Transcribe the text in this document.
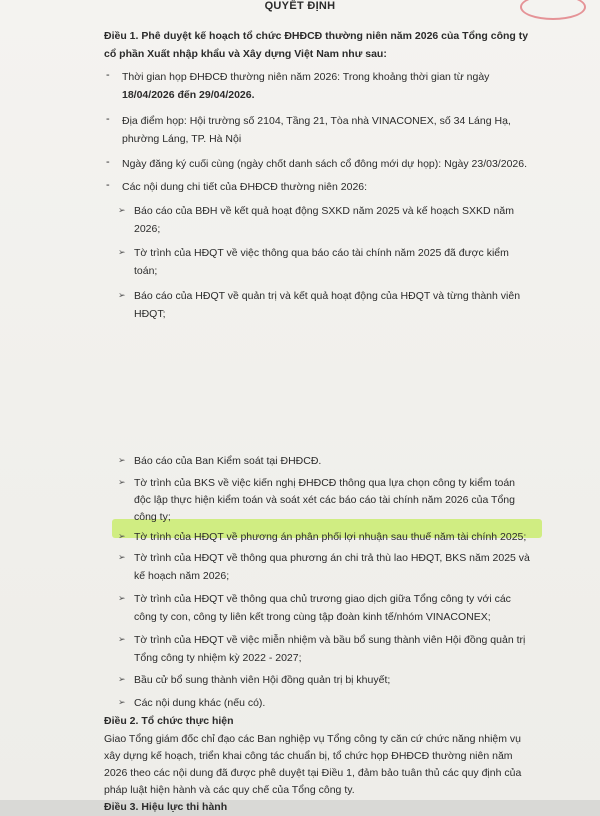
QUYẾT ĐỊNH
Điều 1. Phê duyệt kế hoạch tổ chức ĐHĐCĐ thường niên năm 2026 của Tổng công ty
cổ phần Xuất nhập khẩu và Xây dựng Việt Nam như sau:
- Thời gian họp ĐHĐCĐ thường niên năm 2026: Trong khoảng thời gian từ ngày
18/04/2026 đến 29/04/2026.
- Địa điểm họp: Hội trường số 2104, Tầng 21, Tòa nhà VINACONEX, số 34 Láng Hạ,
phường Láng, TP. Hà Nội
- Ngày đăng ký cuối cùng (ngày chốt danh sách cổ đông mới dự họp): Ngày 23/03/2026.
- Các nội dung chi tiết của ĐHĐCĐ thường niên 2026:
➢ Báo cáo của BĐH về kết quả hoạt động SXKD năm 2025 và kế hoạch SXKD năm
2026;
➢ Tờ trình của HĐQT về việc thông qua báo cáo tài chính năm 2025 đã được kiểm
toán;
➢ Báo cáo của HĐQT về quản trị và kết quả hoạt động của HĐQT và từng thành viên
HĐQT;
➢ Báo cáo của Ban Kiểm soát tại ĐHĐCĐ.
➢ Tờ trình của BKS về việc kiến nghị ĐHĐCĐ thông qua lựa chọn công ty kiểm toán
độc lập thực hiện kiểm toán và soát xét các báo cáo tài chính năm 2026 của Tổng
công ty;
➢ Tờ trình của HĐQT về phương án phân phối lợi nhuận sau thuế năm tài chính 2025;
➢ Tờ trình của HĐQT về thông qua phương án chi trả thù lao HĐQT, BKS năm 2025 và
kế hoạch năm 2026;
➢ Tờ trình của HĐQT về thông qua chủ trương giao dịch giữa Tổng công ty với các
công ty con, công ty liên kết trong cùng tập đoàn kinh tế/nhóm VINACONEX;
➢ Tờ trình của HĐQT về việc miễn nhiệm và bầu bổ sung thành viên Hội đồng quản trị
Tổng công ty nhiệm kỳ 2022 - 2027;
➢ Bầu cử bổ sung thành viên Hội đồng quản trị bị khuyết;
➢ Các nội dung khác (nếu có).
Điều 2. Tổ chức thực hiện
Giao Tổng giám đốc chỉ đạo các Ban nghiệp vụ Tổng công ty căn cứ chức năng nhiệm vụ
xây dựng kế hoạch, triển khai công tác chuẩn bị, tổ chức họp ĐHĐCĐ thường niên năm
2026 theo các nội dung đã được phê duyệt tại Điều 1, đảm bảo tuân thủ các quy định của
pháp luật hiện hành và các quy chế của Tổng công ty.
Điều 3. Hiệu lực thi hành
